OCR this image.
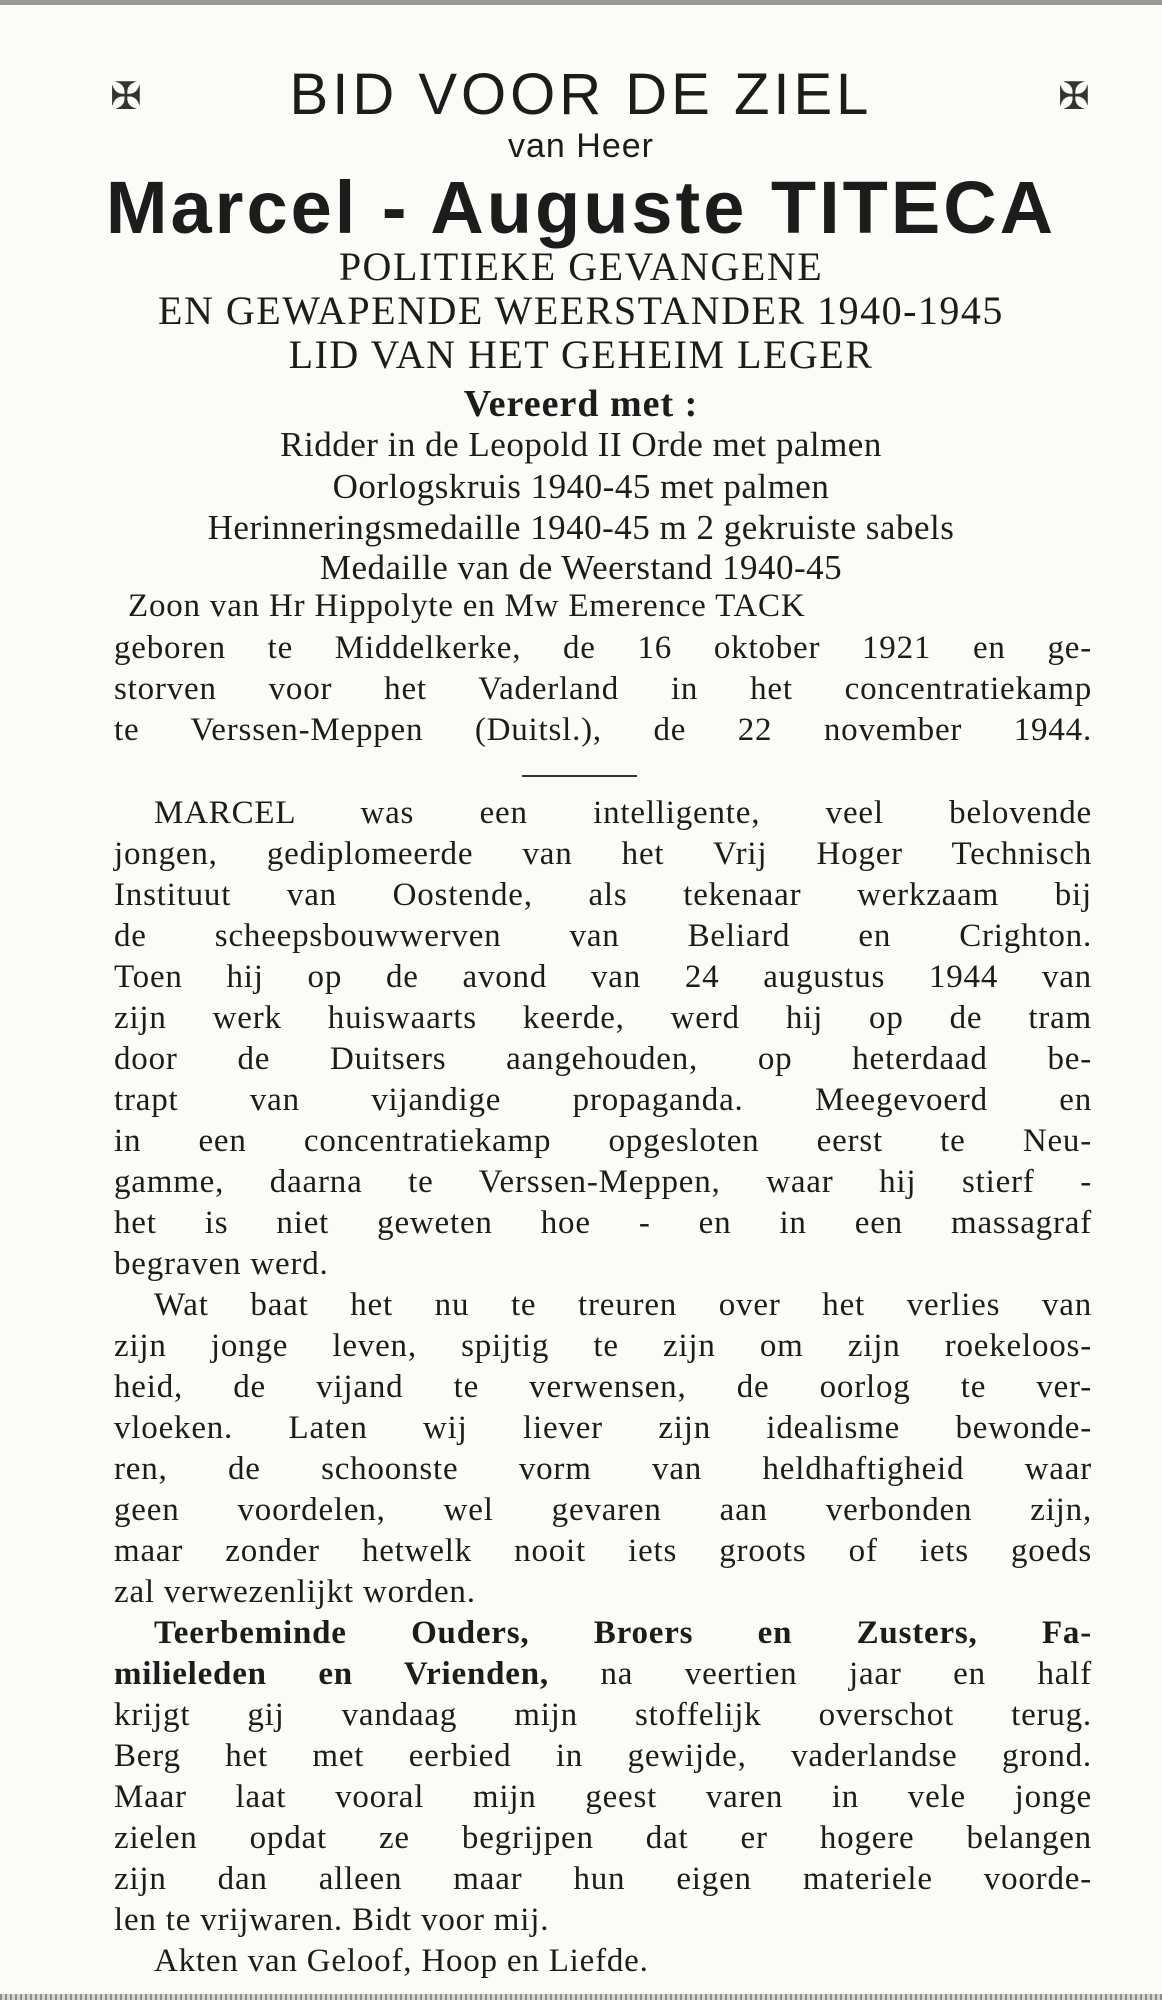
✠	✠
BID VOOR DE ZIEL
van Heer
Marcel - Auguste TITECA
POLITIEKE GEVANGENE
EN GEWAPENDE WEERSTANDER 1940-1945
LID VAN HET GEHEIM LEGER
Vereerd met :
Ridder in de Leopold II Orde met palmen
Oorlogskruis 1940-45 met palmen
Herinneringsmedaille 1940-45 m 2 gekruiste sabels
Medaille van de Weerstand 1940-45
Zoon van Hr Hippolyte en Mw Emerence TACK
geboren te Middelkerke, de 16 oktober 1921 en ge-
storven voor het Vaderland in het concentratiekamp
te Verssen-Meppen (Duitsl.), de 22 november 1944.
MARCEL was een intelligente, veel belovende
jongen, gediplomeerde van het Vrij Hoger Technisch
Instituut van Oostende, als tekenaar werkzaam bij
de scheepsbouwwerven van Beliard en Crighton.
Toen hij op de avond van 24 augustus 1944 van
zijn werk huiswaarts keerde, werd hij op de tram
door de Duitsers aangehouden, op heterdaad be-
trapt van vijandige propaganda. Meegevoerd en
in een concentratiekamp opgesloten eerst te Neu-
gamme, daarna te Verssen-Meppen, waar hij stierf -
het is niet geweten hoe - en in een massagraf
begraven werd.
Wat baat het nu te treuren over het verlies van
zijn jonge leven, spijtig te zijn om zijn roekeloos-
heid, de vijand te verwensen, de oorlog te ver-
vloeken. Laten wij liever zijn idealisme bewonde-
ren, de schoonste vorm van heldhaftigheid waar
geen voordelen, wel gevaren aan verbonden zijn,
maar zonder hetwelk nooit iets groots of iets goeds
zal verwezenlijkt worden.
Teerbeminde Ouders, Broers en Zusters, Fa-
milieleden en Vrienden, na veertien jaar en half
krijgt gij vandaag mijn stoffelijk overschot terug.
Berg het met eerbied in gewijde, vaderlandse grond.
Maar laat vooral mijn geest varen in vele jonge
zielen opdat ze begrijpen dat er hogere belangen
zijn dan alleen maar hun eigen materiele voorde-
len te vrijwaren. Bidt voor mij.
Akten van Geloof, Hoop en Liefde.
